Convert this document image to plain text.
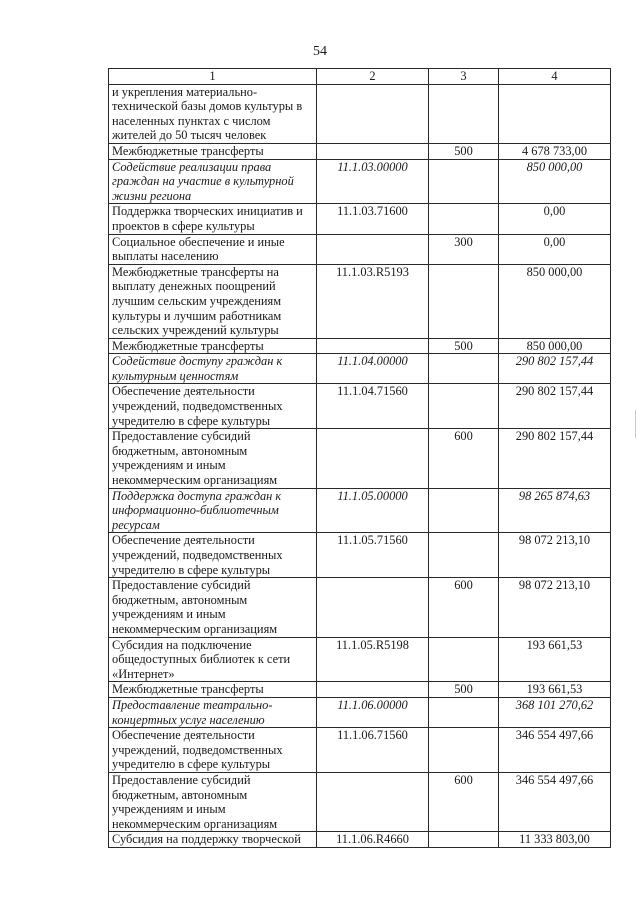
54
1	2	3	4
и укрепления материально-технической базы домов культуры в населенных пунктах с числом жителей до 50 тысяч человек			
Межбюджетные трансферты		500	4 678 733,00
Содействие реализации права граждан на участие в культурной жизни региона	11.1.03.00000		850 000,00
Поддержка творческих инициатив и проектов в сфере культуры	11.1.03.71600		0,00
Социальное обеспечение и иные выплаты населению		300	0,00
Межбюджетные трансферты на выплату денежных поощрений лучшим сельским учреждениям культуры и лучшим работникам сельских учреждений культуры	11.1.03.R5193		850 000,00
Межбюджетные трансферты		500	850 000,00
Содействие доступу граждан к культурным ценностям	11.1.04.00000		290 802 157,44
Обеспечение деятельности учреждений, подведомственных учредителю в сфере культуры	11.1.04.71560		290 802 157,44
Предоставление субсидий бюджетным, автономным учреждениям и иным некоммерческим организациям		600	290 802 157,44
Поддержка доступа граждан к информационно-библиотечным ресурсам	11.1.05.00000		98 265 874,63
Обеспечение деятельности учреждений, подведомственных учредителю в сфере культуры	11.1.05.71560		98 072 213,10
Предоставление субсидий бюджетным, автономным учреждениям и иным некоммерческим организациям		600	98 072 213,10
Субсидия на подключение общедоступных библиотек к сети «Интернет»	11.1.05.R5198		193 661,53
Межбюджетные трансферты		500	193 661,53
Предоставление театрально-концертных услуг населению	11.1.06.00000		368 101 270,62
Обеспечение деятельности учреждений, подведомственных учредителю в сфере культуры	11.1.06.71560		346 554 497,66
Предоставление субсидий бюджетным, автономным учреждениям и иным некоммерческим организациям		600	346 554 497,66
Субсидия на поддержку творческой	11.1.06.R4660		11 333 803,00
